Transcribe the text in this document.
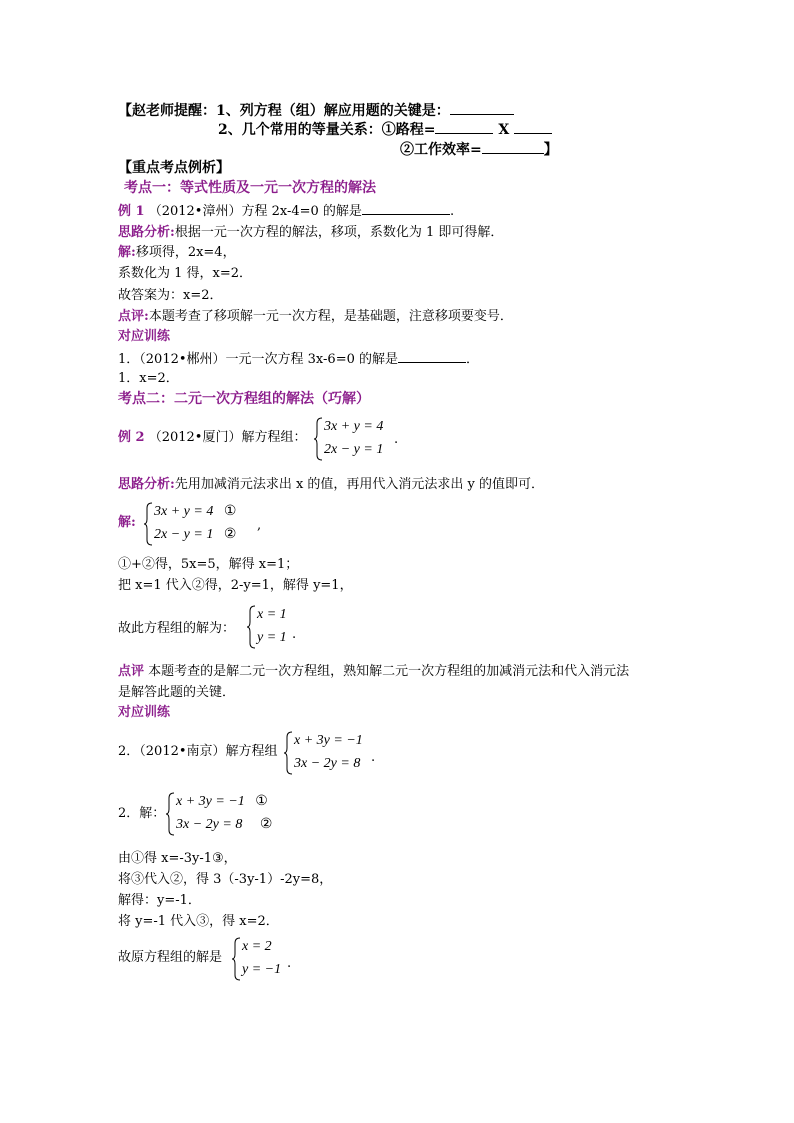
【赵老师提醒：1、列方程（组）解应用题的关键是：
2、几个常用的等量关系：①路程=	X
②工作效率=	】
【重点考点例析】
考点一：等式性质及一元一次方程的解法
例 1 （2012•漳州）方程 2x-4=0 的解是	.
思路分析:根据一元一次方程的解法，移项，系数化为 1 即可得解．
解:移项得，2x=4，
系数化为 1 得，x=2．
故答案为：x=2．
点评:本题考查了移项解一元一次方程，是基础题，注意移项要变号．
对应训练
1．（2012•郴州）一元一次方程 3x-6=0 的解是	．
1．x=2．
考点二：二元一次方程组的解法（巧解）
例 2 （2012•厦门）解方程组：
3x + y = 4
2x − y = 1
.
思路分析:先用加减消元法求出 x 的值，再用代入消元法求出 y 的值即可．
解:
3x + y = 4 ①
2x − y = 1 ②
,
①+②得，5x=5，解得 x=1；
把 x=1 代入②得，2-y=1，解得 y=1，
故此方程组的解为：
x = 1
y = 1 .
点评 本题考查的是解二元一次方程组，熟知解二元一次方程组的加减消元法和代入消元法
是解答此题的关键．
对应训练
2．（2012•南京）解方程组
x + 3y = −1
3x − 2y = 8 .
2．解：
x + 3y = −1 ①
3x − 2y = 8 ②
由①得 x=-3y-1③，
将③代入②，得 3（-3y-1）-2y=8，
解得：y=-1．
将 y=-1 代入③，得 x=2．
故原方程组的解是
x = 2
y = −1 .
